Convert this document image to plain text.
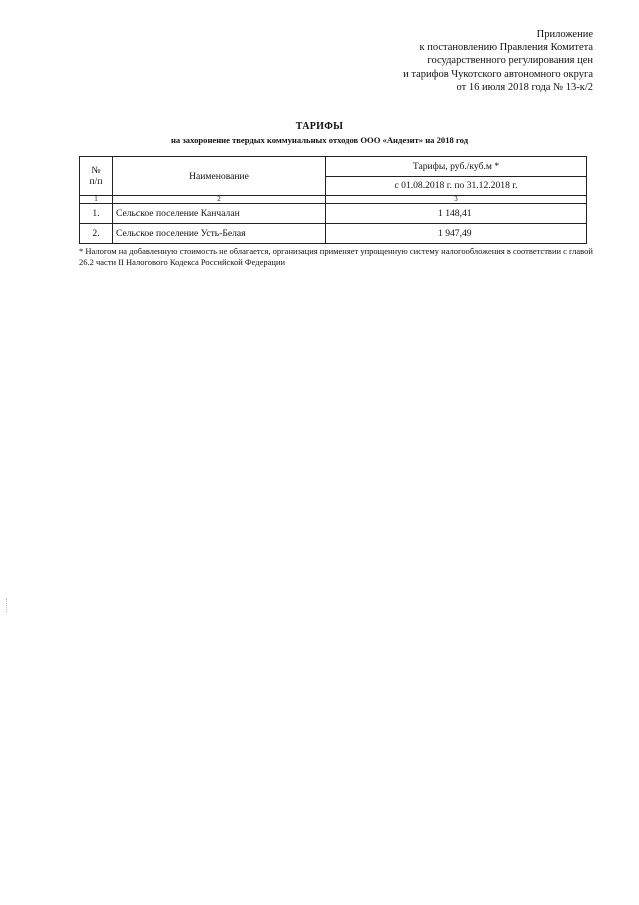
Приложение
к постановлению Правления Комитета
государственного регулирования цен
и тарифов Чукотского автономного округа
от 16 июля 2018 года № 13-к/2
ТАРИФЫ
на захоронение твердых коммунальных отходов ООО «Андезит» на 2018 год
№
п/п	Наименование	Тарифы, руб./куб.м *
		с 01.08.2018 г. по 31.12.2018 г.
1	2	3
1.	Сельское поселение Канчалан	1 148,41
2.	Сельское поселение Усть-Белая	1 947,49
* Налогом на добавленную стоимость не облагается, организация применяет упрощенную систему налогообложения в соответствии с главой 26.2 части II Налогового Кодекса Российской Федерации
